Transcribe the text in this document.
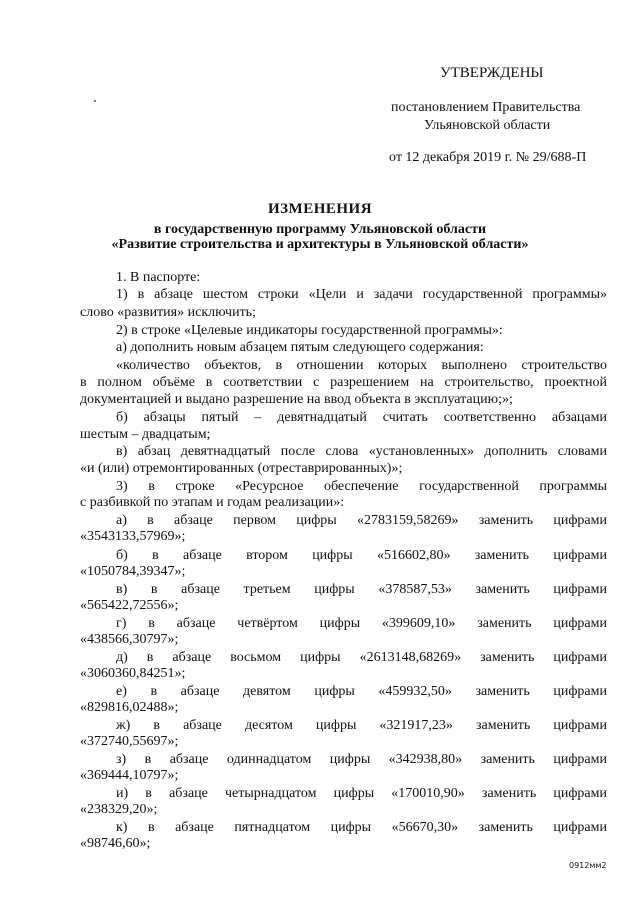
УТВЕРЖДЕНЫ
постановлением Правительства
Ульяновской области
от 12 декабря 2019 г. № 29/688-П
ИЗМЕНЕНИЯ
в государственную программу Ульяновской области
«Развитие строительства и архитектуры в Ульяновской области»
1. В паспорте:
1) в абзаце шестом строки «Цели и задачи государственной программы»
слово «развития» исключить;
2) в строке «Целевые индикаторы государственной программы»:
а) дополнить новым абзацем пятым следующего содержания:
«количество объектов, в отношении которых выполнено строительство
в полном объёме в соответствии с разрешением на строительство, проектной
документацией и выдано разрешение на ввод объекта в эксплуатацию;»;
б) абзацы пятый – девятнадцатый считать соответственно абзацами
шестым – двадцатым;
в) абзац девятнадцатый после слова «установленных» дополнить словами
«и (или) отремонтированных (отреставрированных)»;
3) в строке «Ресурсное обеспечение государственной программы
с разбивкой по этапам и годам реализации»:
а) в абзаце первом цифры «2783159,58269» заменить цифрами
«3543133,57969»;
б) в абзаце втором цифры «516602,80» заменить цифрами
«1050784,39347»;
в) в абзаце третьем цифры «378587,53» заменить цифрами
«565422,72556»;
г) в абзаце четвёртом цифры «399609,10» заменить цифрами
«438566,30797»;
д) в абзаце восьмом цифры «2613148,68269» заменить цифрами
«3060360,84251»;
е) в абзаце девятом цифры «459932,50» заменить цифрами
«829816,02488»;
ж) в абзаце десятом цифры «321917,23» заменить цифрами
«372740,55697»;
з) в абзаце одиннадцатом цифры «342938,80» заменить цифрами
«369444,10797»;
и) в абзаце четырнадцатом цифры «170010,90» заменить цифрами
«238329,20»;
к) в абзаце пятнадцатом цифры «56670,30» заменить цифрами
«98746,60»;
0912мм2
